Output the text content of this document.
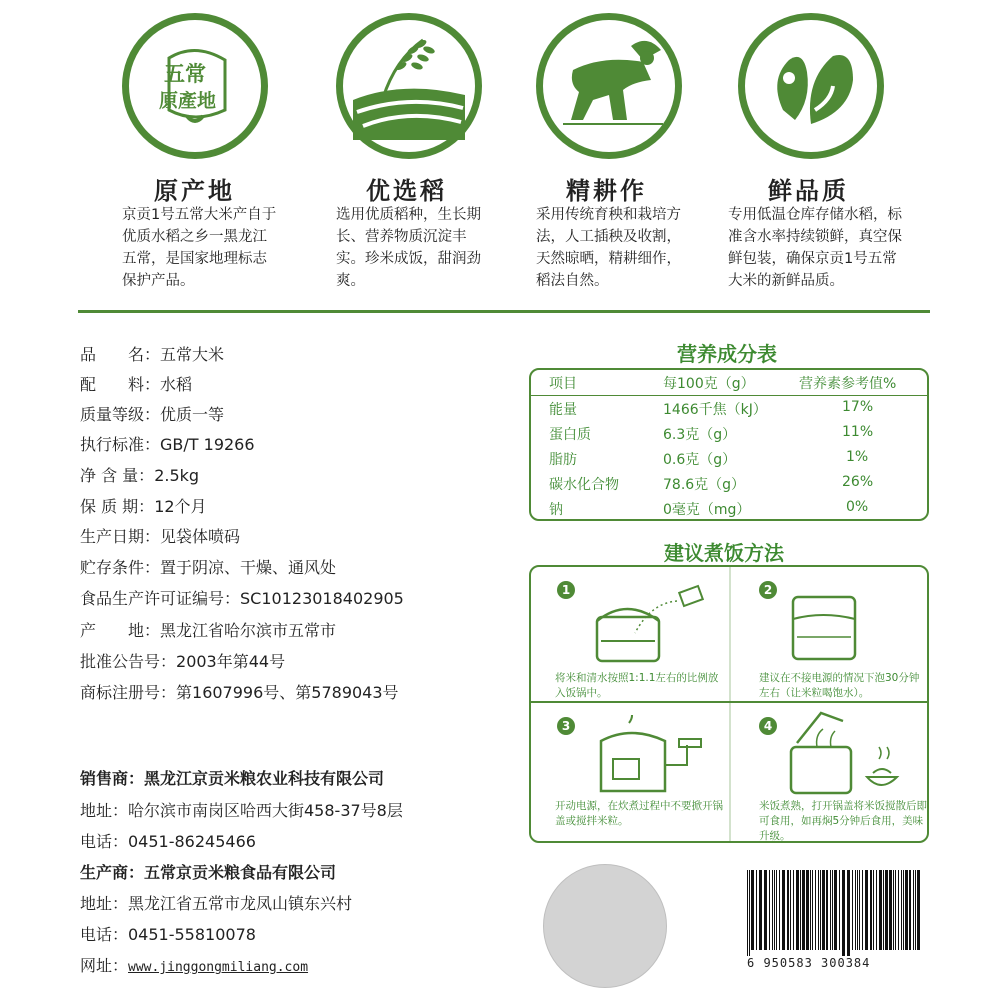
五常
原產地
原产地
京贡1号五常大米产自于优质水稻之乡一黑龙江五常，是国家地理标志保护产品。
优选稻
选用优质稻种，生长期长、营养物质沉淀丰实。珍米成饭，甜润劲爽。
精耕作
采用传统育秧和栽培方法，人工插秧及收割，天然晾晒，精耕细作，稻法自然。
鲜品质
专用低温仓库存储水稻，标准含水率持续锁鲜，真空保鲜包装，确保京贡1号五常大米的新鲜品质。
品　　名：五常大米
配　　料：水稻
质量等级：优质一等
执行标准：GB/T 19266
净 含 量：2.5kg
保 质 期：12个月
生产日期：见袋体喷码
贮存条件：置于阴凉、干燥、通风处
食品生产许可证编号：SC10123018402905
产　　地：黑龙江省哈尔滨市五常市
批准公告号：2003年第44号
商标注册号：第1607996号、第5789043号
销售商：黑龙江京贡米粮农业科技有限公司
地址：哈尔滨市南岗区哈西大街458-37号8层
电话：0451-86245466
生产商：五常京贡米粮食品有限公司
地址：黑龙江省五常市龙凤山镇东兴村
电话：0451-55810078
网址：www.jinggongmiliang.com
营养成分表
项目	每100克（g）	营养素参考值%
能量	1466千焦（kJ）	17%
蛋白质	6.3克（g）	11%
脂肪	0.6克（g）	1%
碳水化合物	78.6克（g）	26%
钠	0毫克（mg）	0%
建议煮饭方法
1
将米和清水按照1:1.1左右的比例放入饭锅中。
2
建议在不接电源的情况下泡30分钟左右（让米粒喝饱水）。
3
开动电源，在炊煮过程中不要掀开锅盖或搅拌米粒。
4
米饭煮熟，打开锅盖将米饭搅散后即可食用，如再焖5分钟后食用，美味升级。
6 950583 300384
